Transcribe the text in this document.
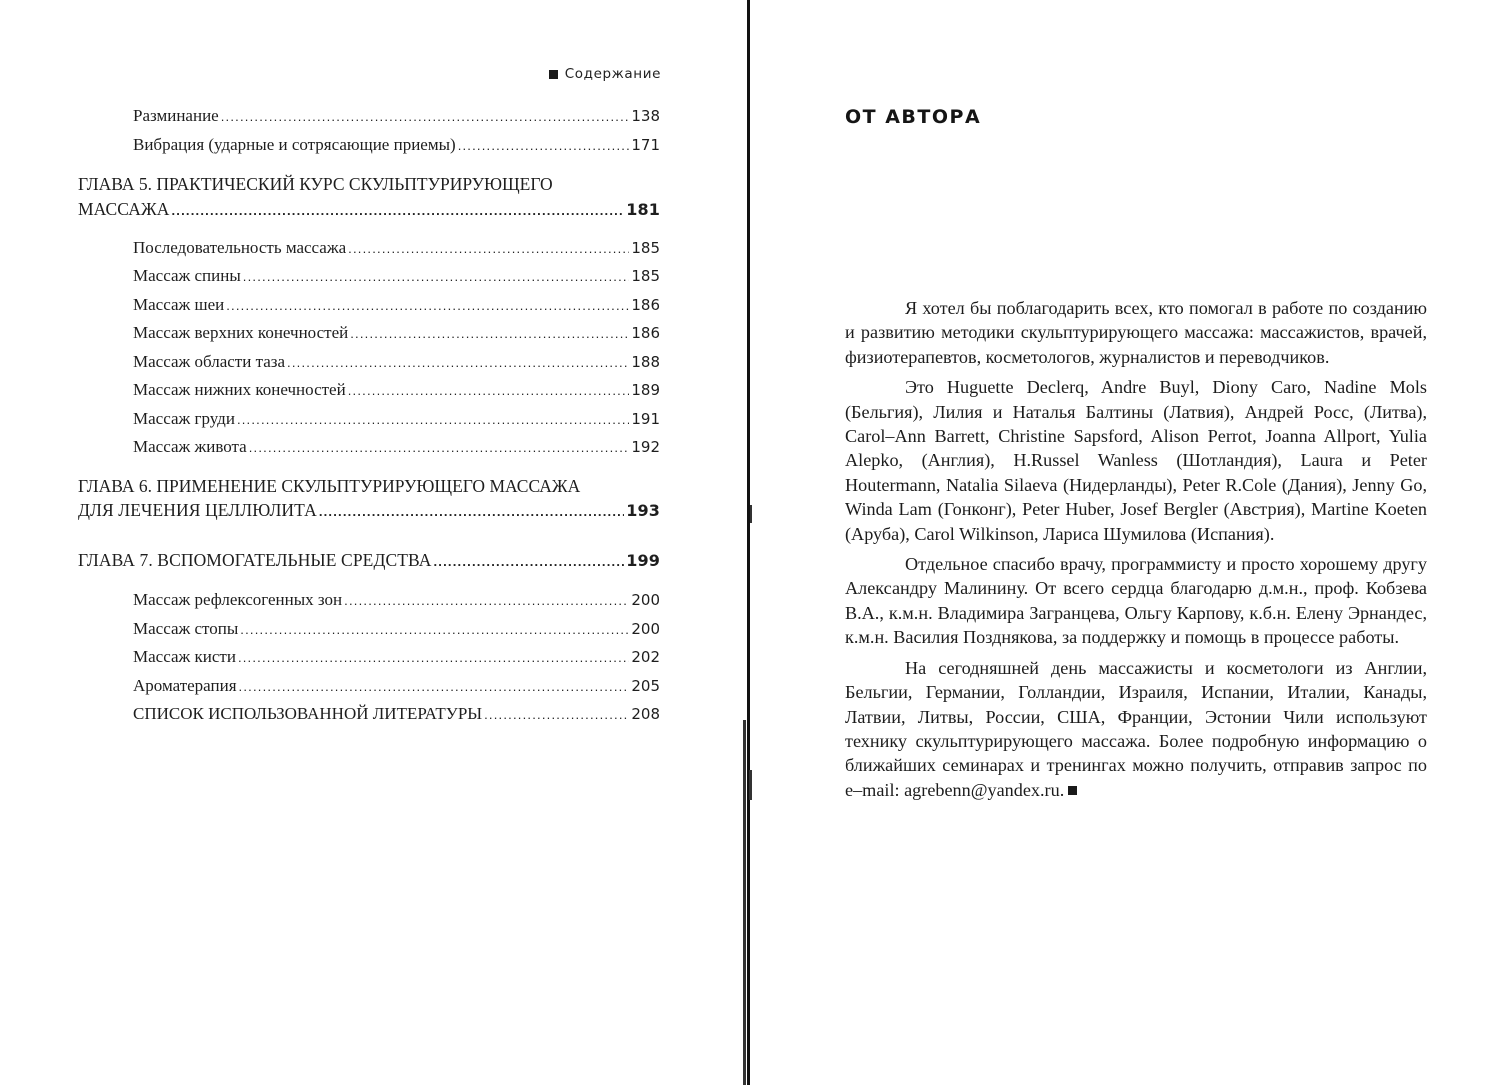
Содержание
Разминание .....	138
Вибрация (ударные и сотрясающие приемы) .....	171
ГЛАВА 5. ПРАКТИЧЕСКИЙ КУРС СКУЛЬПТУРИРУЮЩЕГО
МАССАЖА .....	181
Последовательность массажа .....	185
Массаж спины .....	185
Массаж шеи .....	186
Массаж верхних конечностей .....	186
Массаж области таза .....	188
Массаж нижних конечностей .....	189
Массаж груди .....	191
Массаж живота .....	192
ГЛАВА 6. ПРИМЕНЕНИЕ СКУЛЬПТУРИРУЮЩЕГО МАССАЖА
ДЛЯ ЛЕЧЕНИЯ ЦЕЛЛЮЛИТА .....	193
ГЛАВА 7. ВСПОМОГАТЕЛЬНЫЕ СРЕДСТВА .....	199
Массаж рефлексогенных зон .....	200
Массаж стопы .....	200
Массаж кисти .....	202
Ароматерапия .....	205
СПИСОК ИСПОЛЬЗОВАННОЙ ЛИТЕРАТУРЫ .....	208
ОТ АВТОРА

Я хотел бы поблагодарить всех, кто помогал в работе по созданию и развитию методики скульптурирующего массажа: массажистов, врачей, физиотерапевтов, косметологов, журналистов и переводчиков.

Это Huguette Declerq, Andre Buyl, Diony Caro, Nadine Mols (Бельгия), Лилия и Наталья Балтины (Латвия), Андрей Росс, (Литва), Carol–Ann Barrett, Christine Sapsford, Alison Perrot, Joanna Allport, Yulia Alepko, (Англия), H.Russel Wanless (Шотландия), Laura и Peter Houtermann, Natalia Silaeva (Нидерланды), Peter R.Cole (Дания), Jenny Go, Winda Lam (Гонконг), Peter Huber, Josef Bergler (Австрия), Martine Koeten (Аруба), Carol Wilkinson, Лариса Шумилова (Испания).

Отдельное спасибо врачу, программисту и просто хорошему другу Александру Малинину. От всего сердца благодарю д.м.н., проф. Кобзева В.А., к.м.н. Владимира Загранцева, Ольгу Карпову, к.б.н. Елену Эрнандес, к.м.н. Василия Позднякова, за поддержку и помощь в процессе работы.

На сегодняшней день массажисты и косметологи из Англии, Бельгии, Германии, Голландии, Израиля, Испании, Италии, Канады, Латвии, Литвы, России, США, Франции, Эстонии Чили используют технику скульптурирующего массажа. Более подробную информацию о ближайших семинарах и тренингах можно получить, отправив запрос по e–mail: agrebenn@yandex.ru.
